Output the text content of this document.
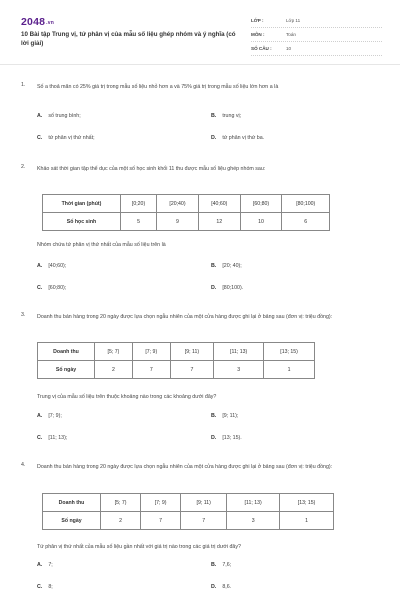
2048.vn
10 Bài tập Trung vị, tứ phân vị của mẫu số liệu ghép nhóm và ý nghĩa (có lời giải)
LỚP :	Lớp 11
MÔN :	Toán
SỐ CÂU :	10
1. Số a thoả mãn có 25% giá trị trong mẫu số liệu nhỏ hơn a và 75% giá trị trong mẫu số liệu lớn hơn a là
A. số trung bình;	B. trung vị;
C. tứ phân vị thứ nhất;	D. tứ phân vị thứ ba.
2. Khảo sát thời gian tập thể dục của một số học sinh khối 11 thu được mẫu số liệu ghép nhóm sau:
Thời gian (phút)	[0;20)	[20;40)	[40;60)	[60;80)	[80;100)
Số học sinh	5	9	12	10	6
Nhóm chứa tứ phân vị thứ nhất của mẫu số liệu trên là
A. [40;60);	B. [20; 40);
C. [60;80);	D. [80;100).
3. Doanh thu bán hàng trong 20 ngày được lựa chọn ngẫu nhiên của một cửa hàng được ghi lại ở bảng sau (đơn vị: triệu đồng):
Doanh thu	[5; 7)	[7; 9)	[9; 11)	[11; 13)	[13; 15)
Số ngày	2	7	7	3	1
Trung vị của mẫu số liệu trên thuộc khoảng nào trong các khoảng dưới đây?
A. [7; 9);	B. [9; 11);
C. [11; 13);	D. [13; 15).
4. Doanh thu bán hàng trong 20 ngày được lựa chọn ngẫu nhiên của một cửa hàng được ghi lại ở bảng sau (đơn vị: triệu đồng):
Doanh thu	[5; 7)	[7; 9)	[9; 11)	[11; 13)	[13; 15)
Số ngày	2	7	7	3	1
Tứ phân vị thứ nhất của mẫu số liệu gần nhất với giá trị nào trong các giá trị dưới đây?
A. 7;	B. 7,6;
C. 8;	D. 8,6.
